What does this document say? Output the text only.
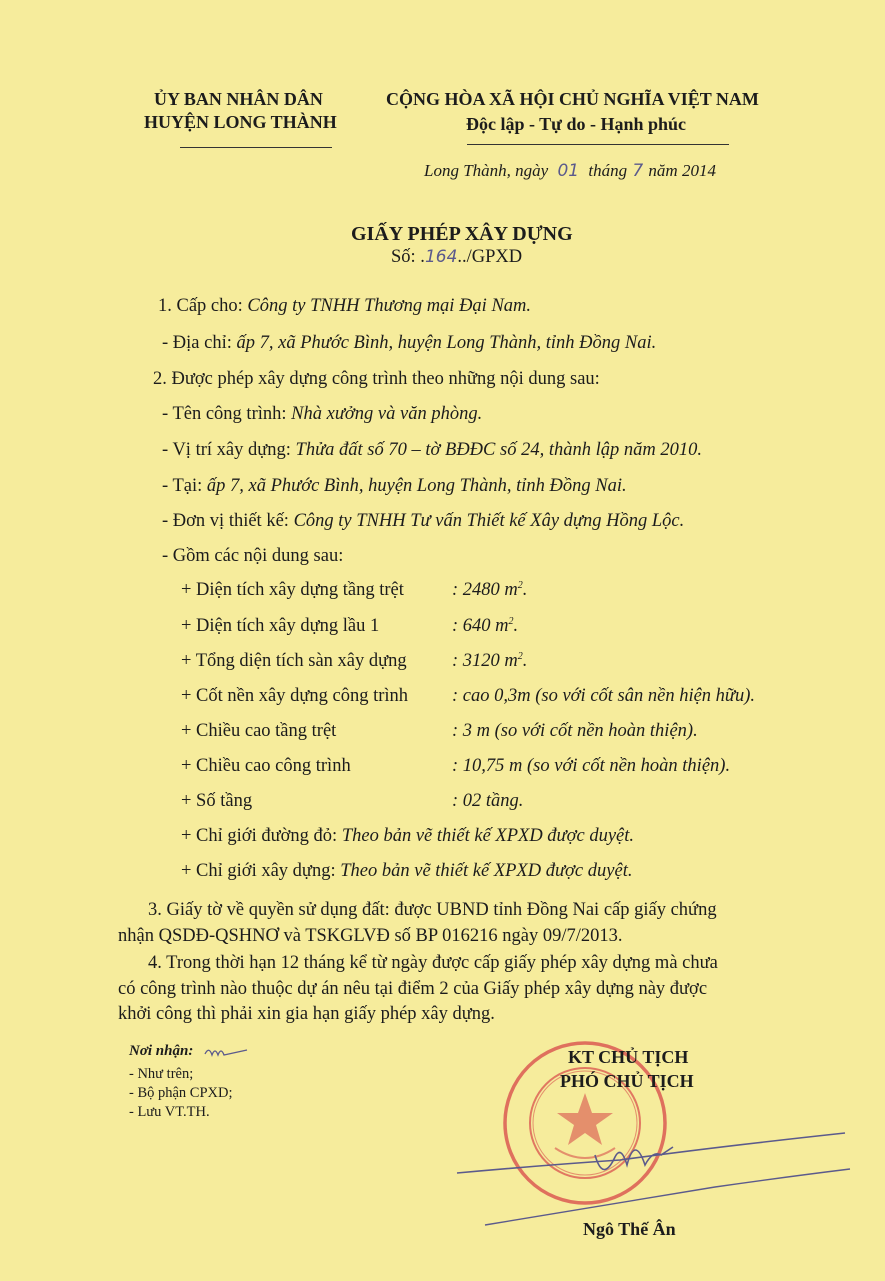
ỦY BAN NHÂN DÂN
HUYỆN LONG THÀNH
CỘNG HÒA XÃ HỘI CHỦ NGHĨA VIỆT NAM
Độc lập - Tự do - Hạnh phúc
Long Thành, ngày 01 tháng 7 năm 2014
GIẤY PHÉP XÂY DỰNG
Số: .164../GPXD
1. Cấp cho: Công ty TNHH Thương mại Đại Nam.
- Địa chỉ: ấp 7, xã Phước Bình, huyện Long Thành, tỉnh Đồng Nai.
2. Được phép xây dựng công trình theo những nội dung sau:
- Tên công trình: Nhà xưởng và văn phòng.
- Vị trí xây dựng: Thửa đất số 70 – tờ BĐĐC số 24, thành lập năm 2010.
- Tại: ấp 7, xã Phước Bình, huyện Long Thành, tỉnh Đồng Nai.
- Đơn vị thiết kế: Công ty TNHH Tư vấn Thiết kế Xây dựng Hồng Lộc.
- Gồm các nội dung sau:
+ Diện tích xây dựng tầng trệt	: 2480 $m^2$.
+ Diện tích xây dựng lầu 1	: 640 $m^2$.
+ Tổng diện tích sàn xây dựng : 3120 $m^2$.
+ Cốt nền xây dựng công trình : cao 0,3m (so với cốt sân nền hiện hữu).
+ Chiều cao tầng trệt	: 3 m (so với cốt nền hoàn thiện).
+ Chiều cao công trình	: 10,75 m (so với cốt nền hoàn thiện).
+ Số tầng	: 02 tầng.
+ Chỉ giới đường đỏ: Theo bản vẽ thiết kế XPXD được duyệt.
+ Chỉ giới xây dựng: Theo bản vẽ thiết kế XPXD được duyệt.
3. Giấy tờ về quyền sử dụng đất: được UBND tỉnh Đồng Nai cấp giấy chứng
nhận QSDĐ-QSHNƠ và TSKGLVĐ số BP 016216 ngày 09/7/2013.
4. Trong thời hạn 12 tháng kể từ ngày được cấp giấy phép xây dựng mà chưa
có công trình nào thuộc dự án nêu tại điểm 2 của Giấy phép xây dựng này được
khởi công thì phải xin gia hạn giấy phép xây dựng.
Nơi nhận:
- Như trên;
- Bộ phận CPXD;
- Lưu VT.TH.
KT CHỦ TỊCH
PHÓ CHỦ TỊCH
Ngô Thế Ân
